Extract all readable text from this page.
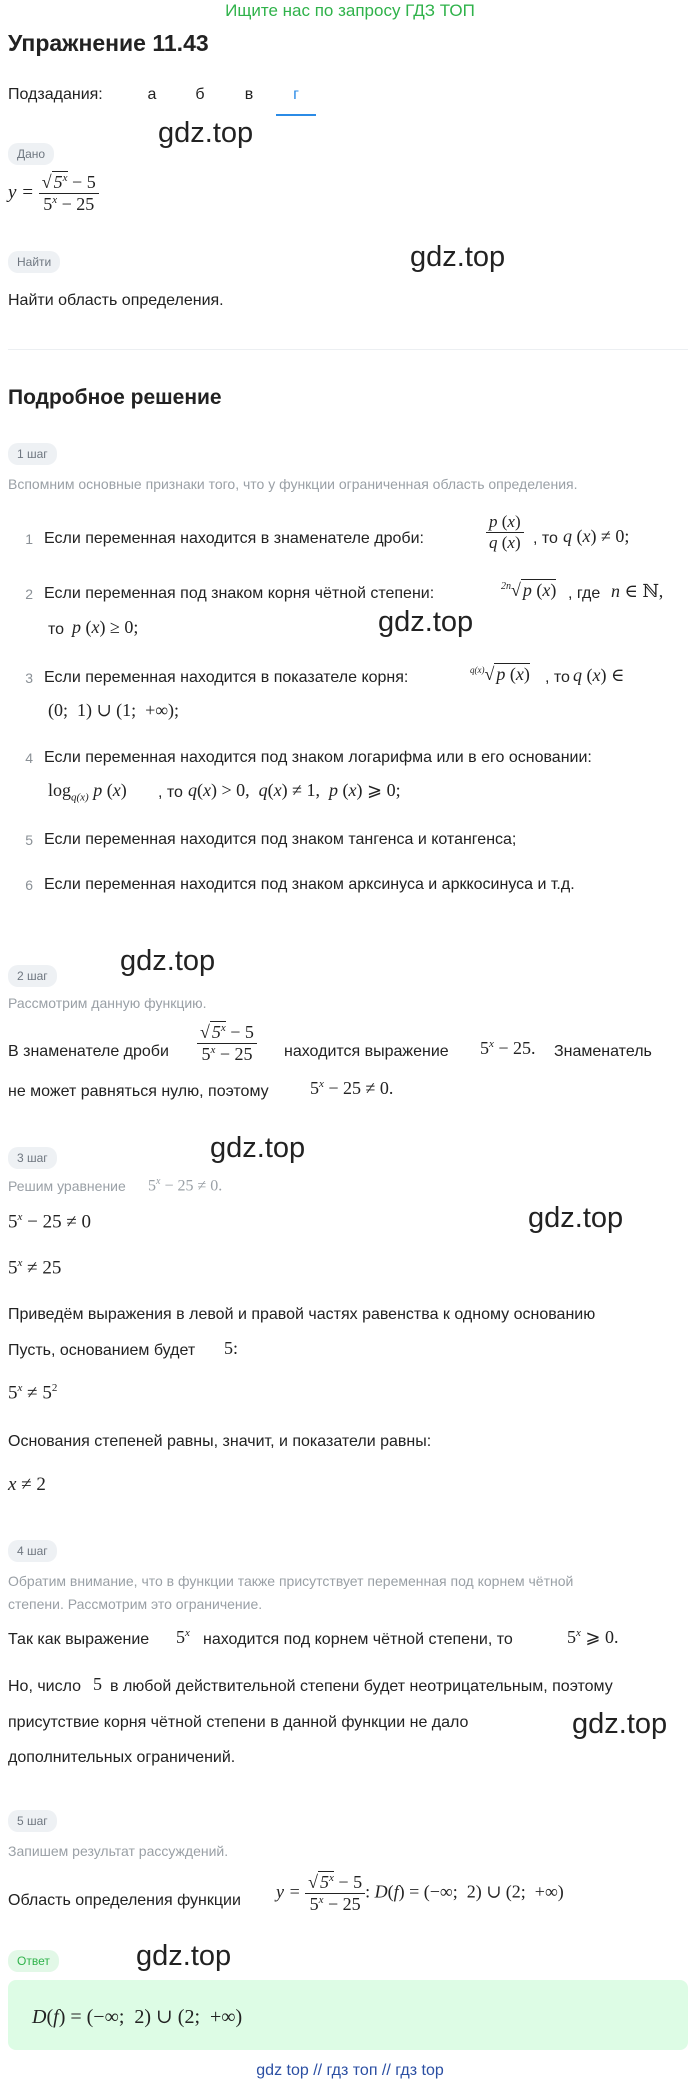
Ищите нас по запросу ГДЗ ТОП
Упражнение 11.43
Подзадания:	а	б	в	г
Дано
gdz.top
$y = \frac{√ 5^x - 5}{5^x - 25}$
Найти	gdz.top
Найти область определения.
Подробное решение
1 шаг
Вспомним основные признаки того, что у функции ограниченная область определения.
1 Если переменная находится в знаменателе дроби:	$\frac{p (x)}{q (x)}$ , то q (x) ≠ 0;
2 Если переменная под знаком корня чётной степени:	$^{2n}$√ p (x) , где n ∈ ℕ,
то p (x) ≥ 0;	gdz.top
3 Если переменная находится в показателе корня:	$^{q(x)}$√ p (x) , то q (x) ∈
(0;  1) ∪ (1;  +∞);
4 Если переменная находится под знаком логарифма или в его основании:
$\log_{q(x)} p$ (x) , то q(x) > 0,  q(x) ≠ 1,  p (x) ⩾ 0;
5 Если переменная находится под знаком тангенса и котангенса;
6 Если переменная находится под знаком арксинуса и арккосинуса и т.д.
2 шаг	gdz.top
Рассмотрим данную функцию.
В знаменателе дроби $\frac{√ 5^x - 5}{5^x - 25}$ находится выражение $5^x - 25$. Знаменатель
не может равняться нулю, поэтому $5^x - 25 \ne 0$.
gdz.top
3 шаг
Решим уравнение $5^x - 25 \ne 0$.
gdz.top
$5^x - 25 \ne 0$
$5^x \ne 25$
Приведём выражения в левой и правой частях равенства к одному основанию
Пусть, основанием будет 5:
$5^x \ne 5^2$
Основания степеней равны, значит, и показатели равны:
x ≠ 2
4 шаг
Обратим внимание, что в функции также присутствует переменная под корнем чётной
степени. Рассмотрим это ограничение.
Так как выражение 5$^x$ находится под корнем чётной степени, то	5$^x$ ⩾ 0.
Но, число 5 в любой действительной степени будет неотрицательным, поэтому
присутствие корня чётной степени в данной функции не дало	gdz.top
дополнительных ограничений.
5 шаг
Запишем результат рассуждений.
Область определения функции $y = \frac{√ 5^x - 5}{5^x - 25}$ : D(f) = (−∞;  2) ∪ (2;  +∞)
Ответ	gdz.top
D(f) = (−∞;  2) ∪ (2;  +∞)
gdz top // гдз топ // гдз top
